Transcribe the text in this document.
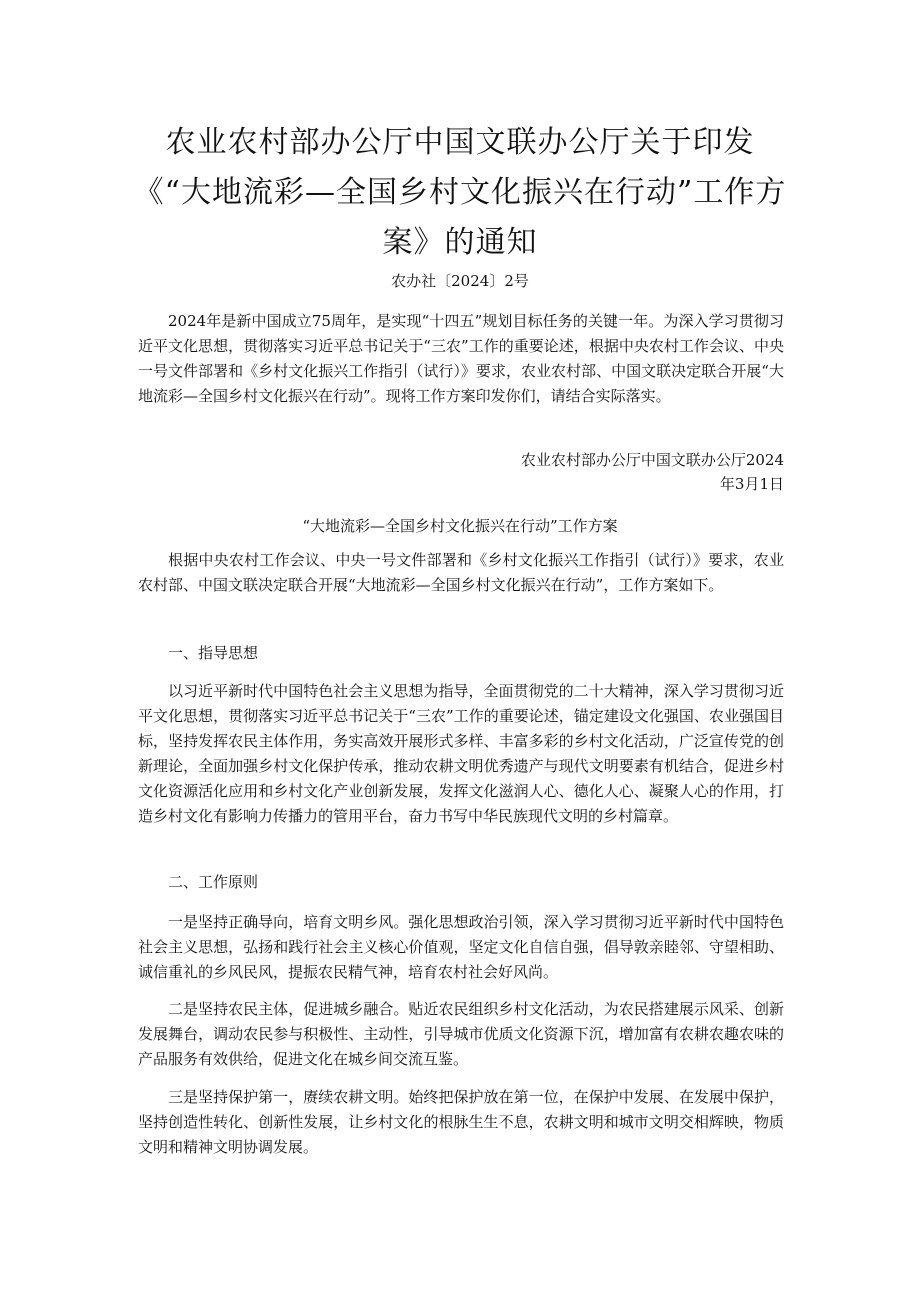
农业农村部办公厅中国文联办公厅关于印发《“大地流彩—全国乡村文化振兴在行动”工作方案》的通知
农办社〔2024〕2号

2024年是新中国成立75周年，是实现“十四五”规划目标任务的关键一年。为深入学习贯彻习近平文化思想，贯彻落实习近平总书记关于“三农”工作的重要论述，根据中央农村工作会议、中央一号文件部署和《乡村文化振兴工作指引（试行）》要求，农业农村部、中国文联决定联合开展“大地流彩—全国乡村文化振兴在行动”。现将工作方案印发你们，请结合实际落实。

农业农村部办公厅中国文联办公厅2024
年3月1日
“大地流彩—全国乡村文化振兴在行动”工作方案

根据中央农村工作会议、中央一号文件部署和《乡村文化振兴工作指引（试行）》要求，农业农村部、中国文联决定联合开展“大地流彩—全国乡村文化振兴在行动”，工作方案如下。

一、指导思想

以习近平新时代中国特色社会主义思想为指导，全面贯彻党的二十大精神，深入学习贯彻习近平文化思想，贯彻落实习近平总书记关于“三农”工作的重要论述，锚定建设文化强国、农业强国目标，坚持发挥农民主体作用，务实高效开展形式多样、丰富多彩的乡村文化活动，广泛宣传党的创新理论，全面加强乡村文化保护传承，推动农耕文明优秀遗产与现代文明要素有机结合，促进乡村文化资源活化应用和乡村文化产业创新发展，发挥文化滋润人心、德化人心、凝聚人心的作用，打造乡村文化有影响力传播力的管用平台，奋力书写中华民族现代文明的乡村篇章。

二、工作原则

一是坚持正确导向，培育文明乡风。强化思想政治引领，深入学习贯彻习近平新时代中国特色社会主义思想，弘扬和践行社会主义核心价值观，坚定文化自信自强，倡导敦亲睦邻、守望相助、诚信重礼的乡风民风，提振农民精气神，培育农村社会好风尚。

二是坚持农民主体，促进城乡融合。贴近农民组织乡村文化活动，为农民搭建展示风采、创新发展舞台，调动农民参与积极性、主动性，引导城市优质文化资源下沉，增加富有农耕农趣农味的产品服务有效供给，促进文化在城乡间交流互鉴。

三是坚持保护第一，赓续农耕文明。始终把保护放在第一位，在保护中发展、在发展中保护，坚持创造性转化、创新性发展，让乡村文化的根脉生生不息，农耕文明和城市文明交相辉映，物质文明和精神文明协调发展。
